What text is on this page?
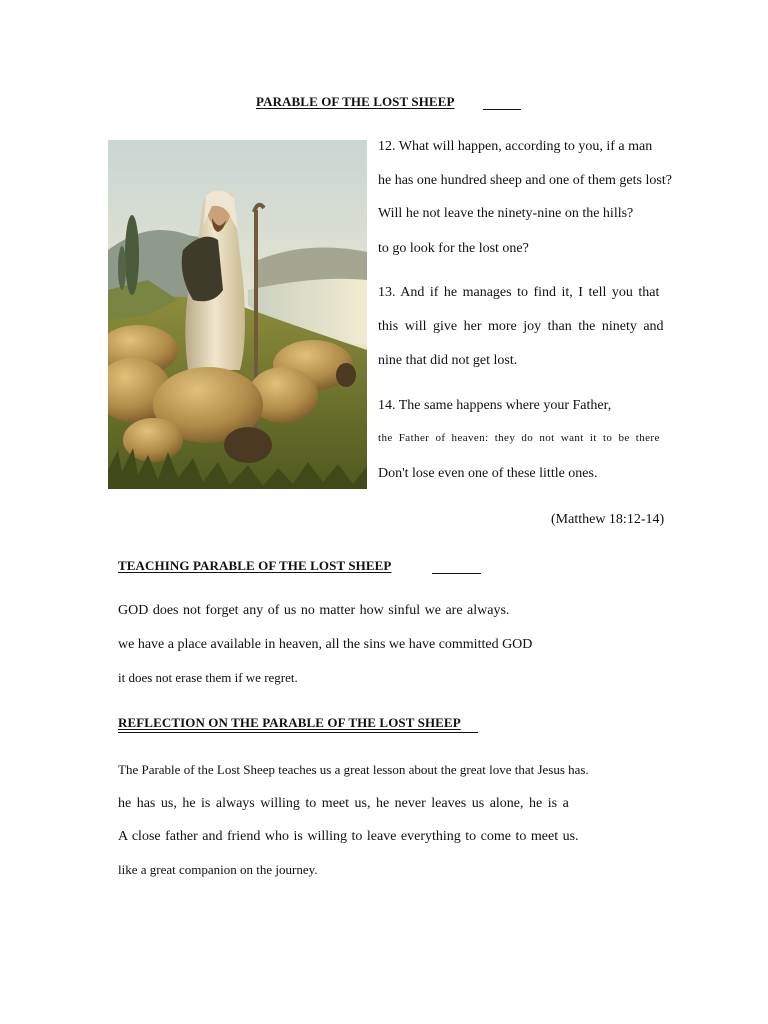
PARABLE OF THE LOST SHEEP
12. What will happen, according to you, if a man
he has one hundred sheep and one of them gets lost?
Will he not leave the ninety-nine on the hills?
to go look for the lost one?
13. And if he manages to find it, I tell you that
this will give her more joy than the ninety and
nine that did not get lost.
14. The same happens where your Father,
the Father of heaven: they do not want it to be there
Don't lose even one of these little ones.
(Matthew 18:12-14)
TEACHING PARABLE OF THE LOST SHEEP
GOD does not forget any of us no matter how sinful we are always.
we have a place available in heaven, all the sins we have committed GOD
it does not erase them if we regret.
REFLECTION ON THE PARABLE OF THE LOST SHEEP
The Parable of the Lost Sheep teaches us a great lesson about the great love that Jesus has.
he has us, he is always willing to meet us, he never leaves us alone, he is a
A close father and friend who is willing to leave everything to come to meet us.
like a great companion on the journey.
